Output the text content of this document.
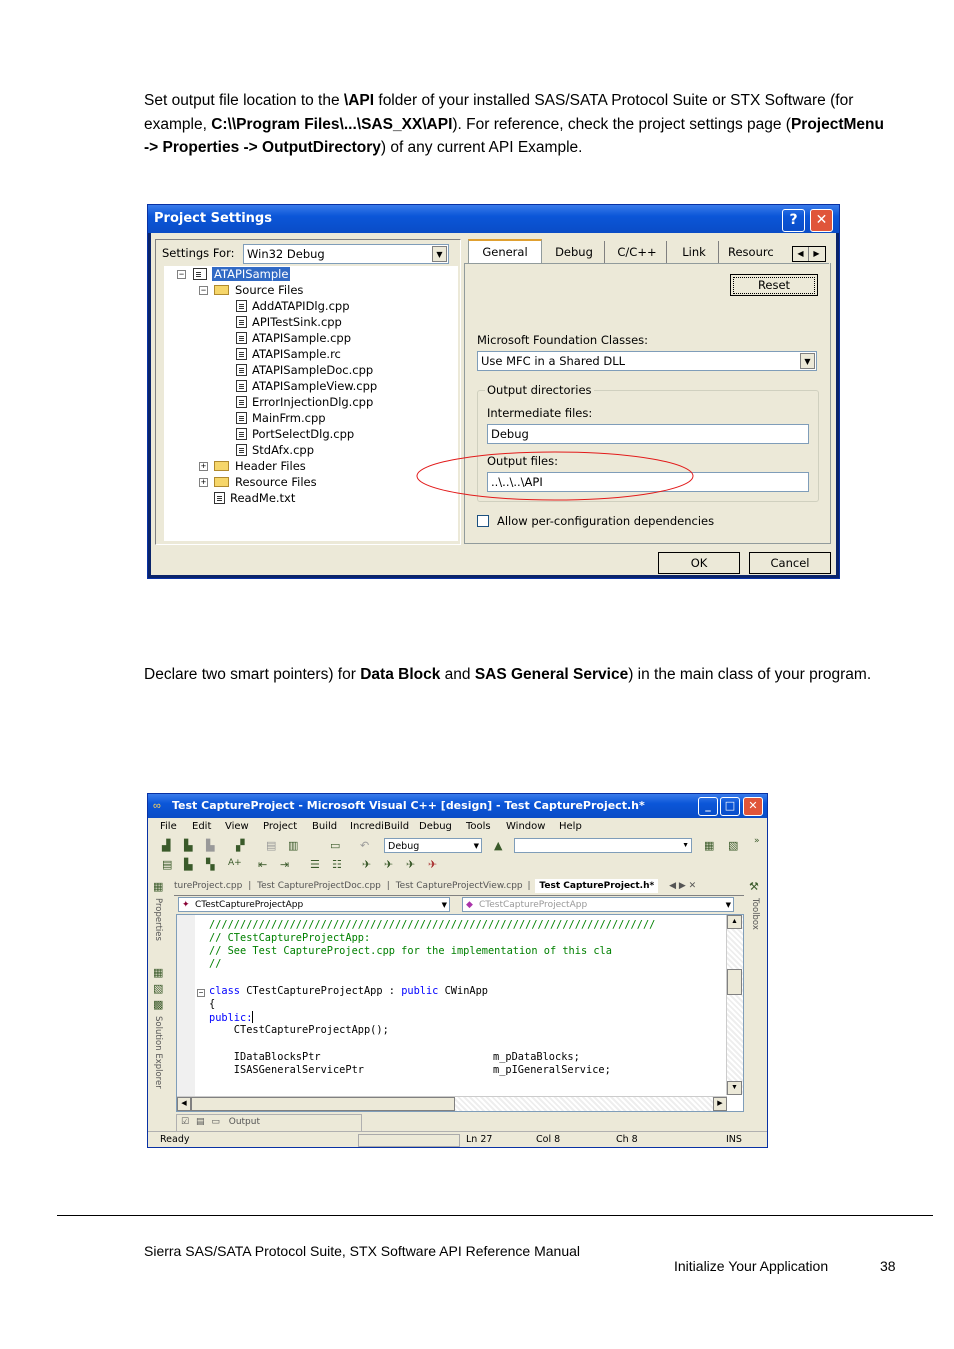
Set output file location to the \API folder of your installed SAS/SATA Protocol Suite or STX Software (for example, C:\\Program Files\...\SAS_XX\API). For reference, check the project settings page (ProjectMenu -> Properties -> OutputDirectory) of any current API Example.
Project Settings	?	✕
Settings For:	Win32 Debug	▼
−	ATAPISample
−	Source Files
AddATAPIDlg.cpp
APITestSink.cpp
ATAPISample.cpp
ATAPISample.rc
ATAPISampleDoc.cpp
ATAPISampleView.cpp
ErrorInjectionDlg.cpp
MainFrm.cpp
PortSelectDlg.cpp
StdAfx.cpp
+	Header Files
+	Resource Files
ReadMe.txt
General	Debug	C/C++	Link	Resourc	◀ ▶
Reset
Microsoft Foundation Classes:
Use MFC in a Shared DLL	▼
Output directories
Intermediate files:
Debug
Output files:
..\..\..\API
Allow per-configuration dependencies
OK	Cancel
Declare two smart pointers) for Data Block and SAS General Service) in the main class of your program.
Test CaptureProject - Microsoft Visual C++ [design] - Test CaptureProject.h*
∞	_	□	✕
File Edit View Project Build IncrediBuild Debug Tools Window Help
▟ ▙ ▙ ▞ ▤ ▥	▭ ↶	Debug	▼ ▲	▼ ▦ ▧ »
▤ ▙ ▚ A+ ⇤ ⇥ ☰ ☷ ✈ ✈ ✈ ✈
▦
Properties
▦
▧
▩
Solution Explorer
⚒
Toolbox
tureProject.cpp | Test CaptureProjectDoc.cpp | Test CaptureProjectView.cpp | Test CaptureProject.h* ◀ ▶ ✕
✦ CTestCaptureProjectApp	▼ ◆ CTestCaptureProjectApp	▼
////////////////////////////////////////////////////////////////////////
// CTestCaptureProjectApp:
// See Test CaptureProject.cpp for the implementation of this cla
//
− class CTestCaptureProjectApp : public CWinApp
{
public:
CTestCaptureProjectApp();
IDataBlocksPtr	m_pDataBlocks;
ISASGeneralServicePtr	m_pIGeneralService;
▲
▼
◀	▶
☑ ▤ ▭ Output
Ready	Ln 27	Col 8	Ch 8	INS
Sierra SAS/SATA Protocol Suite, STX Software API Reference Manual
Initialize Your Application	38
